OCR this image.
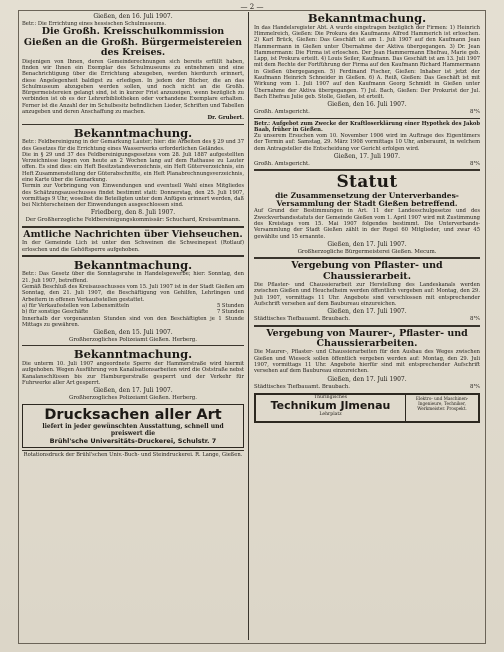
— 2 —
Gießen, den 16. Juli 1907.

Betr.: Die Errichtung eines hessischen Schulmuseums.

Die Großh. Kreisschulkommission Gießen an die Großh. Bürgermeistereien des Kreises.

Diejenigen von Ihnen, deren Gemeinderechnungen sich bereits erfüllt haben, finden wir Ihnen ein Exemplar des Schulmuseums zu entnehmen und eine Benachrichtigung über die Errichtung abzugeben, werden hierdurch erinnert, diese Angelegenheit baldigst zu erledigen. In jedem der Bücher, die an das Schulmuseum abzugeben werden sollen, und noch nicht an die Großh. Bürgermeistereien gelangt sind, ist in kurzer Frist anzuzeigen, wenn bezüglich zu verbinden ist ob es der Lehrerbibliotheken oder vorhandene Exemplare erhalten. Ferner ist die Anzahl der im Schulbesitz befindlichen Lieder, Schriften und Tabellen anzugeben und deren Anschaffung zu machen.

Dr. Grubert.

Bekanntmachung.

Betr.: Feldbereinigung in der Gemarkung Lauter; hier: die Arbeiten des § 29 und 37 des Gesetzes für die Errichtung eines Wasserwerks erforderlichen Geländes.

Die in § 29 und 37 des Feldbereinigungsgesetzes vom 28. Juli 1887 aufgestellten Verzeichnisse liegen von heute an 2 Wochen lang auf dem Rathause zu Lauter offen. Es sind dies: ein Heft Besitzstandsverzeichnis, ein Heft Güterverzeichnis, ein Heft Zusammenstellung der Güterabschnitte, ein Heft Planabrechnungsverzeichnis, eine Karte über die Gemarkung.

Termin zur Vorbringung von Einwendungen und eventuell Wahl eines Mitgliedes des Schätzungsausschusses findet bestimmt statt: Donnerstag, den 25. Juli 1907, vormittags 9 Uhr, woselbst die Beteiligten unter dem Anfügen erinnert werden, daß bei Nichterscheinen der Einwendungen ausgeschlossen sind.

Friedberg, den 8. Juli 1907.
Der Großherzogliche Feldbereinigungskommissär: Schuchard, Kreisamtmann.

Amtliche Nachrichten über Viehseuchen.

In der Gemeinde Lich ist unter den Schweinen die Schweinepest (Rotlauf) erloschen und die Gehöftsperre aufgehoben.

Bekanntmachung.

Betr.: Das Gesetz über die Sonntagsruhe in Handelsgewerbe; hier: Sonntag, den 21. Juli 1907, betreffend.

Gemäß Beschluß des Kreisausschusses vom 15. Juli 1907 ist in der Stadt Gießen am Sonntag, den 21. Juli 1907, die Beschäftigung von Gehilfen, Lehrlingen und Arbeitern in offenen Verkaufsstellen gestattet.

a) für Verkaufsstellen von Lebensmitteln	5 Stunden
b) für sonstige Geschäfte	7 Stunden

Innerhalb der vorgenannten Stunden sind von den Beschäftigten je 1 Stunde Mittags zu gewähren.

Gießen, den 15. Juli 1907.
Großherzogliches Polizeiamt Gießen. Herberg.

Bekanntmachung.

Die unterm 10. Juli 1907 angeordnete Sperre der Hammerstraße wird hiermit aufgehoben. Wegen Ausführung von Kanalisationsarbeiten wird die Oststraße nebst Kanalanschlüssen bis zur Hamburgerstraße gesperrt und der Verkehr für Fuhrwerke aller Art gesperrt.

Gießen, den 17. Juli 1907.
Großherzogliches Polizeiamt Gießen. Herberg.
Drucksachen aller Art
liefert in jeder gewünschten Ausstattung, schnell und preiswert die
Brühl'sche Universitäts-Druckerei, Schulstr. 7
Rotationsdruck der Brühl'schen Univ.-Buch- und Steindruckerei. R. Lange, Gießen.

Bekanntmachung.

In das Handelsregister Abt. A wurde eingetragen bezüglich der Firmen: 1) Heinrich Himmelreich, Gießen: Die Prokura des Kaufmanns Alfred Hammerich ist erloschen. 2) Karl Brück, Gießen: Das Geschäft ist am 1. Juli 1907 auf den Kaufmann Jean Hammermann in Gießen unter Übernahme der Aktiva übergegangen. 3) Dr. Jean Hammermann: Die Firma ist erloschen. Der Jean Hammermann Ehefrau, Marie geb. Lapp, ist Prokura erteilt. 4) Louis Seiler, Kaufmann. Das Geschäft ist am 13. Juli 1907 mit dem Rechte der Fortführung der Firma auf den Kaufmann Richard Hammermann in Gießen übergegangen. 5) Ferdinand Fischer, Gießen: Inhaber ist jetzt der Kaufmann Heinrich Schneider in Gießen. 6) A. Reiß, Gießen: Das Geschäft ist mit Wirkung vom 1. Juli 1907 auf den Kaufmann Georg Schmidt in Gießen unter Übernahme der Aktiva übergegangen. 7) Jul. Bach, Gießen: Der Prokurist der Jul. Bach Ehefrau Julie geb. Stolle, Gießen, ist erteilt.

Gießen, den 16. Juli 1907.
Großh. Amtsgericht.	8ᴹ⁄₅

Betr.: Aufgebot zum Zwecke der Kraftloserklärung einer Hypothek des Jakob Baab, früher in Gießen.

Zu unserem Ersuchen vom 10. November 1906 wird im Auftrage des Eigentümers der Termin auf: Samstag, 29. März 1908 vormittags 10 Uhr, anberaumt, in welchem dem Antragsteller die Entscheidung vor Gericht erfolgen wird.

Gießen, 17. Juli 1907.
Großh. Amtsgericht.	8ᴹ⁄₅

Statut

die Zusammensetzung der Unterverbandes-Versammlung der Stadt Gießen betreffend.

Auf Grund der Bestimmungen in Art. 11 der Landesschulgesetze und des Zweckverbandsstatuts der Gemeinde Gießen vom 1. April 1907 wird mit Zustimmung des Kreistags vom 15. Mai 1907 folgendes bestimmt. Die Unterverbands-Versammlung der Stadt Gießen zählt in der Regel 60 Mitglieder, und zwar 45 gewählte und 15 ernannte.

Gießen, den 17. Juli 1907.
Großherzogliche Bürgermeisterei Gießen. Mecum.

Vergebung von Pflaster- und Chaussierarbeit.

Die Pflaster- und Chaussierarbeit zur Herstellung des Landeskanals werden zwischen Gießen und Heuchelheim werden öffentlich vergeben auf: Montag, den 29. Juli 1907, vormittags 11 Uhr. Angebote sind verschlossen mit entsprechender Aufschrift versehen auf dem Baubureau einzureichen.

Gießen, den 17. Juli 1907.
Städtisches Tiefbauamt. Braubach.	8ᴹ⁄₅

Vergebung von Maurer-, Pflaster- und Chaussierarbeiten.

Die Maurer-, Pflaster- und Chaussierarbeiten für den Ausbau des Weges zwischen Gießen und Wieseck sollen öffentlich vergeben werden auf: Montag, den 29. Juli 1907, vormittags 11 Uhr. Angebote hierfür sind mit entsprechender Aufschrift versehen auf dem Baubureau einzureichen.

Gießen, den 17. Juli 1907.
Städtisches Tiefbauamt. Braubach.	8ᴹ⁄₅
Thüringisches
Technikum Jlmenau
Lehrplatz
Elektro- und Maschinen-Ingenieure, Techniker, Werkmeister. Prospekt.
